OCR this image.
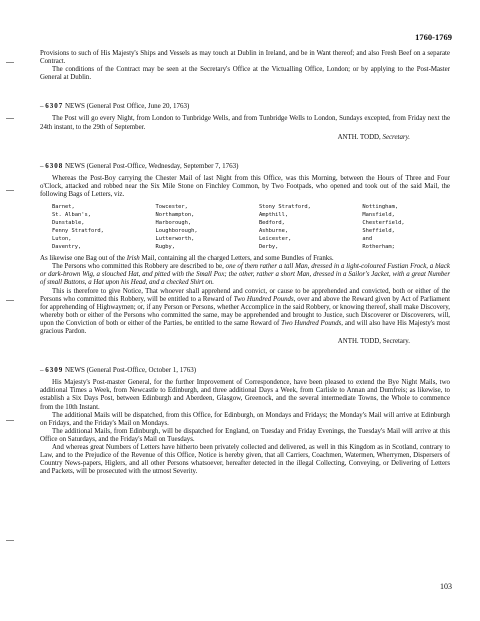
1760-1769

Provisions to such of His Majesty's Ships and Vessels as may touch at Dublin in Ireland, and be in Want thereof; and also Fresh Beef on a separate Contract.

The conditions of the Contract may be seen at the Secretary's Office at the Victualling Office, London; or by applying to the Post-Master General at Dublin.

– 6307 NEWS (General Post Office, June 20, 1763)

The Post will go every Night, from London to Tunbridge Wells, and from Tunbridge Wells to London, Sundays excepted, from Friday next the 24th instant, to the 29th of September.

ANTH. TODD, Secretary.

– 6308 NEWS (General Post-Office, Wednesday, September 7, 1763)

Whereas the Post-Boy carrying the Chester Mail of last Night from this Office, was this Morning, between the Hours of Three and Four o'Clock, attacked and robbed near the Six Mile Stone on Finchley Common, by Two Footpads, who opened and took out of the said Mail, the following Bags of Letters, viz.

Barnet,	Towcester,	Stony Stratford,	Nottingham,
St. Alban's,	Northampton,	Ampthill,	Mansfield,
Dunstable,	Harborough,	Bedford,	Chesterfield,
Fenny Stratford,	Loughborough,	Ashburne,	Sheffield,
Luton,	Lutterworth,	Leicester,	and
Daventry,	Rugby,	Derby,	Rotherham;

As likewise one Bag out of the Irish Mail, containing all the charged Letters, and some Bundles of Franks.

The Persons who committed this Robbery are described to be, one of them rather a tall Man, dressed in a light-coloured Fustian Frock, a black or dark-brown Wig, a slouched Hat, and pitted with the Small Pox; the other, rather a short Man, dressed in a Sailor's Jacket, with a great Number of small Buttons, a Hat upon his Head, and a checked Shirt on.

This is therefore to give Notice, That whoever shall apprehend and convict, or cause to be apprehended and convicted, both or either of the Persons who committed this Robbery, will be entitled to a Reward of Two Hundred Pounds, over and above the Reward given by Act of Parliament for apprehending of Highwaymen; or, if any Person or Persons, whether Accomplice in the said Robbery, or knowing thereof, shall make Discovery, whereby both or either of the Persons who committed the same, may be apprehended and brought to Justice, such Discoverer or Discoverers, will, upon the Conviction of both or either of the Parties, be entitled to the same Reward of Two Hundred Pounds, and will also have His Majesty's most gracious Pardon.

ANTH. TODD, Secretary.

– 6309 NEWS (General Post-Office, October 1, 1763)

His Majesty's Post-master General, for the further Improvement of Correspondence, have been pleased to extend the Bye Night Mails, two additional Times a Week, from Newcastle to Edinburgh, and three additional Days a Week, from Carlisle to Annan and Dumfreis; as likewise, to establish a Six Days Post, between Edinburgh and Aberdeen, Glasgow, Greenock, and the several intermediate Towns, the Whole to commence from the 10th Instant.

The additional Mails will be dispatched, from this Office, for Edinburgh, on Mondays and Fridays; the Monday's Mail will arrive at Edinburgh on Fridays, and the Friday's Mail on Mondays.

The additional Mails, from Edinburgh, will be dispatched for England, on Tuesday and Friday Evenings, the Tuesday's Mail will arrive at this Office on Saturdays, and the Friday's Mail on Tuesdays.

And whereas great Numbers of Letters have hitherto been privately collected and delivered, as well in this Kingdom as in Scotland, contrary to Law, and to the Prejudice of the Revenue of this Office, Notice is hereby given, that all Carriers, Coachmen, Watermen, Wherrymen, Dispersers of Country News-papers, Higlers, and all other Persons whatsoever, hereafter detected in the illegal Collecting, Conveying, or Delivering of Letters and Packets, will be prosecuted with the utmost Severity.

103
